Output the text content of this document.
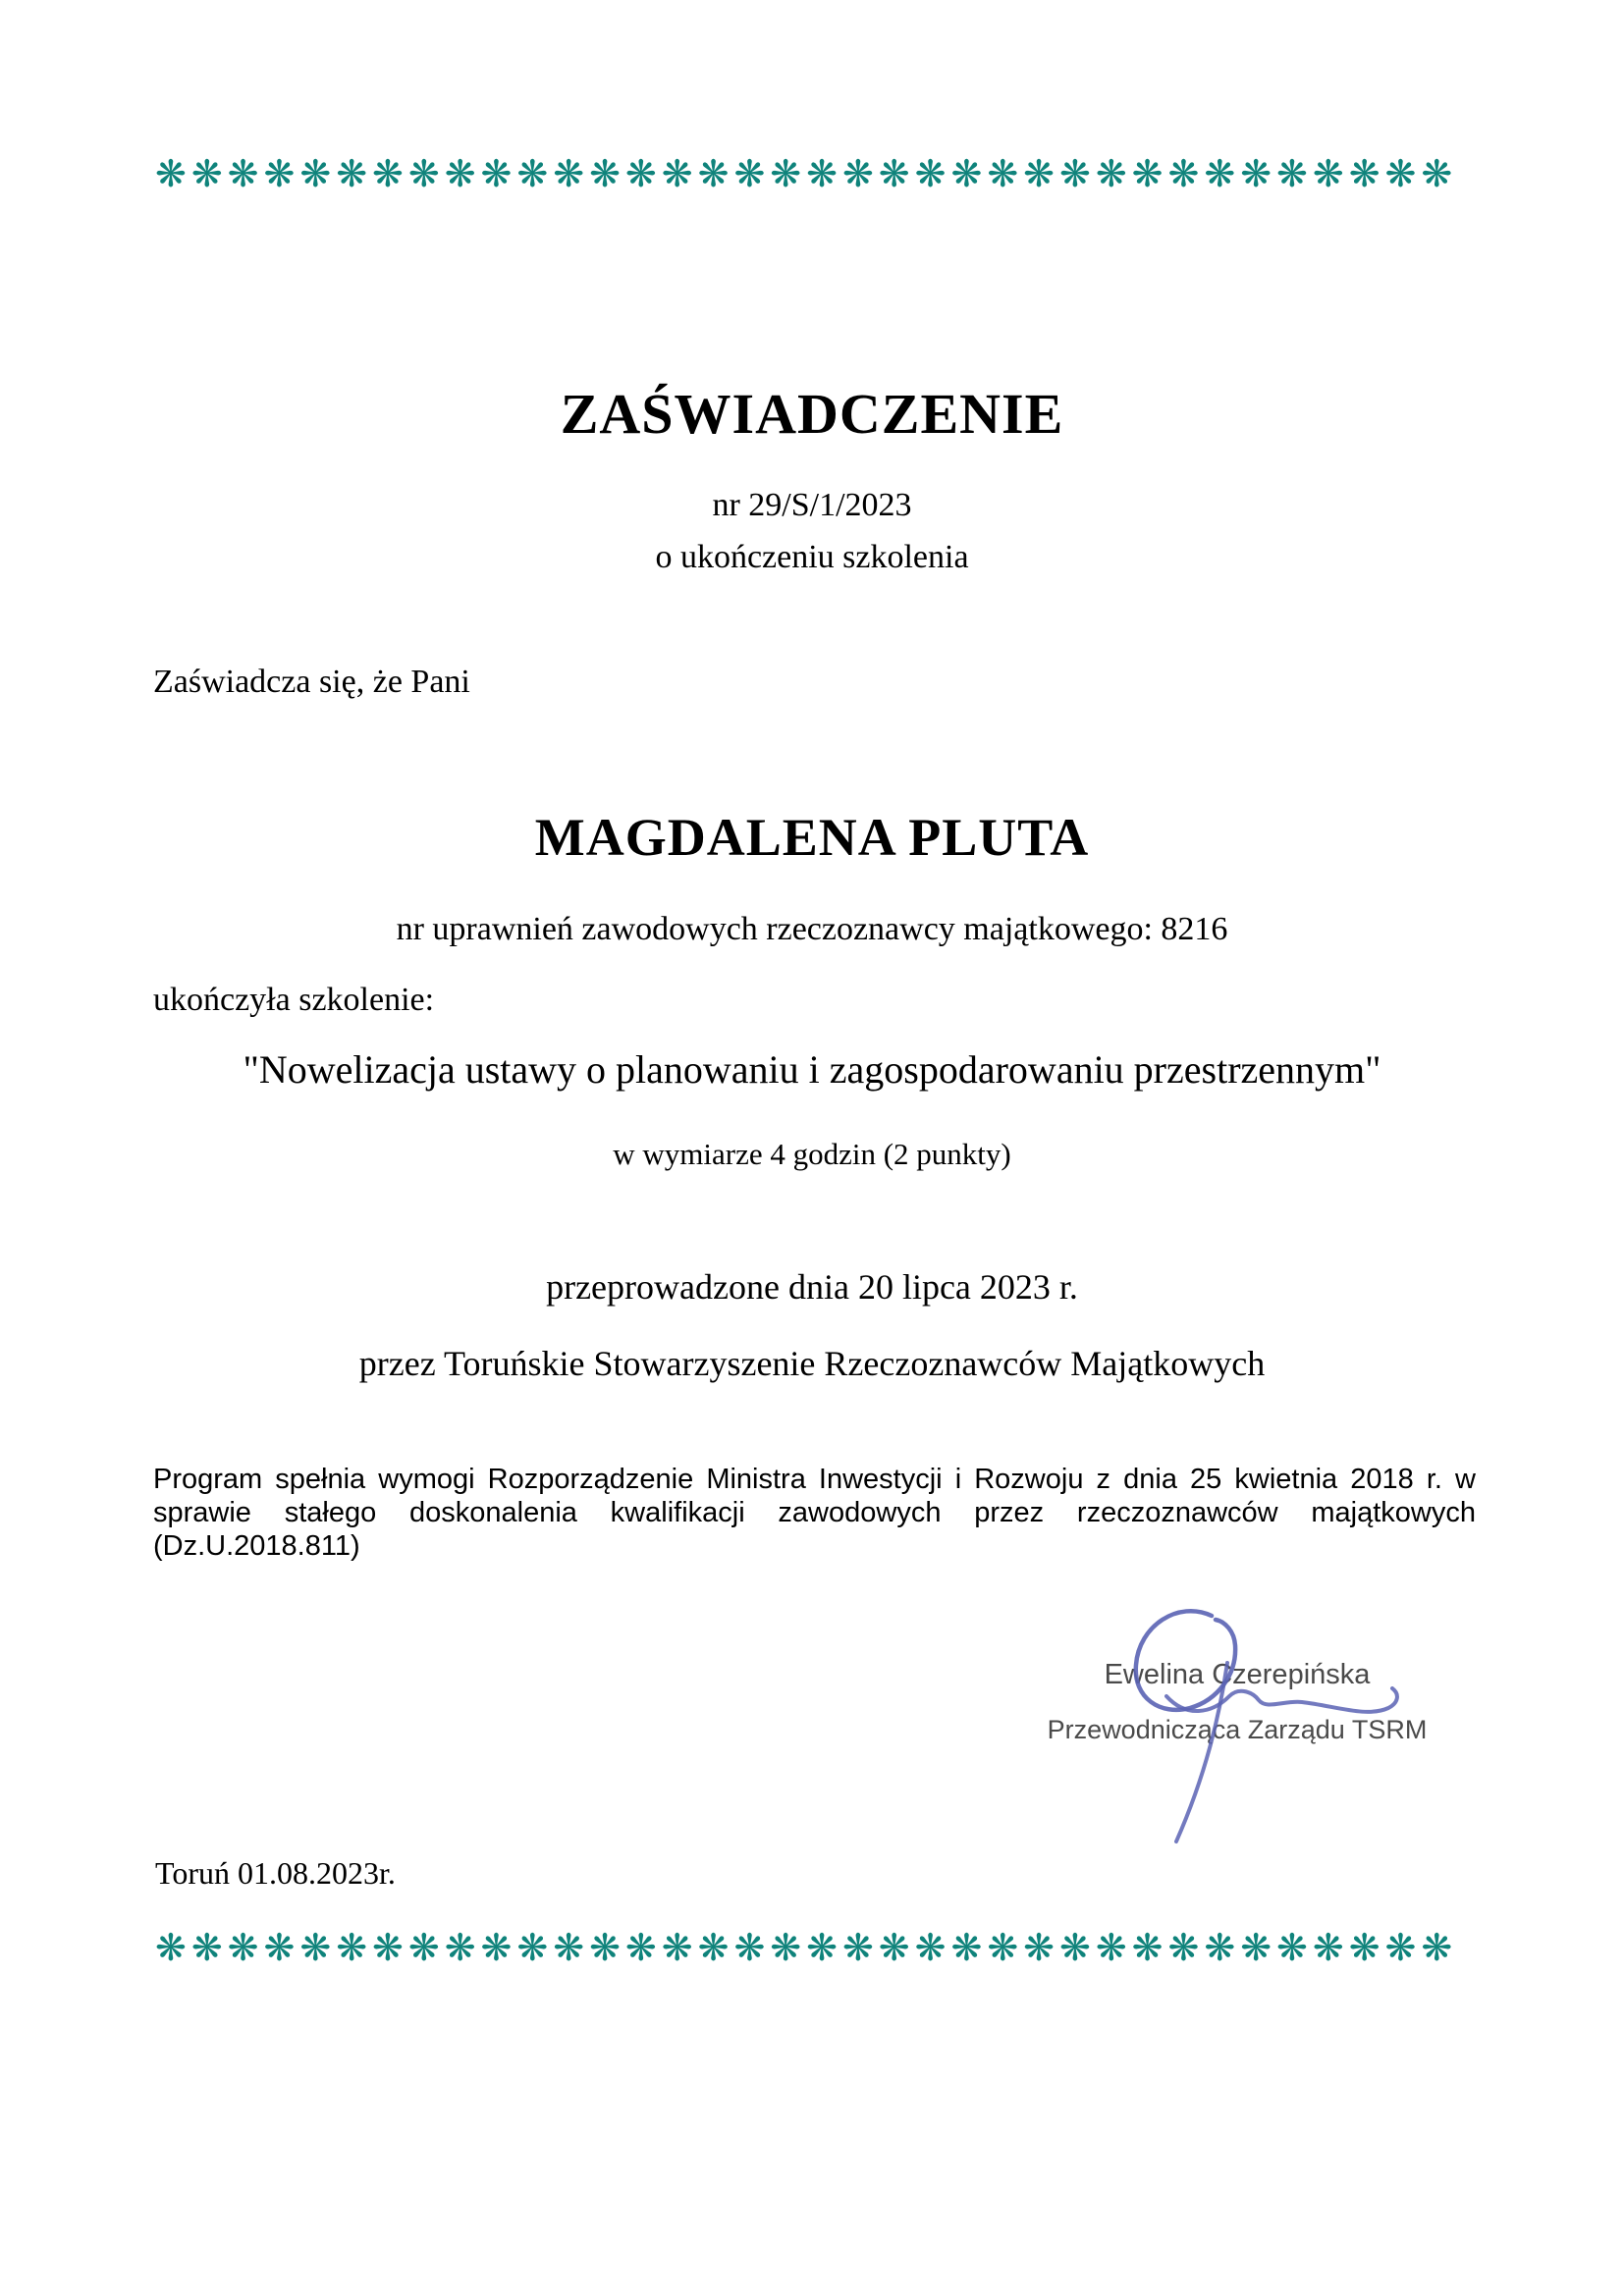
❋❋❋❋❋❋❋❋❋❋❋❋❋❋❋❋❋❋❋❋❋❋❋❋❋❋❋❋❋❋❋❋❋❋❋❋
ZAŚWIADCZENIE
nr 29/S/1/2023
o ukończeniu szkolenia
Zaświadcza się, że Pani
MAGDALENA PLUTA
nr uprawnień zawodowych rzeczoznawcy majątkowego: 8216
ukończyła szkolenie:
"Nowelizacja ustawy o planowaniu i zagospodarowaniu przestrzennym"
w wymiarze 4 godzin (2 punkty)
przeprowadzone dnia 20 lipca 2023 r.
przez Toruńskie Stowarzyszenie Rzeczoznawców Majątkowych
Program spełnia wymogi Rozporządzenie Ministra Inwestycji i Rozwoju z dnia 25 kwietnia 2018 r. w sprawie stałego doskonalenia kwalifikacji zawodowych przez rzeczoznawców majątkowych (Dz.U.2018.811)
Ewelina Czerepińska
Przewodnicząca Zarządu TSRM
Toruń 01.08.2023r.
❋❋❋❋❋❋❋❋❋❋❋❋❋❋❋❋❋❋❋❋❋❋❋❋❋❋❋❋❋❋❋❋❋❋❋❋
